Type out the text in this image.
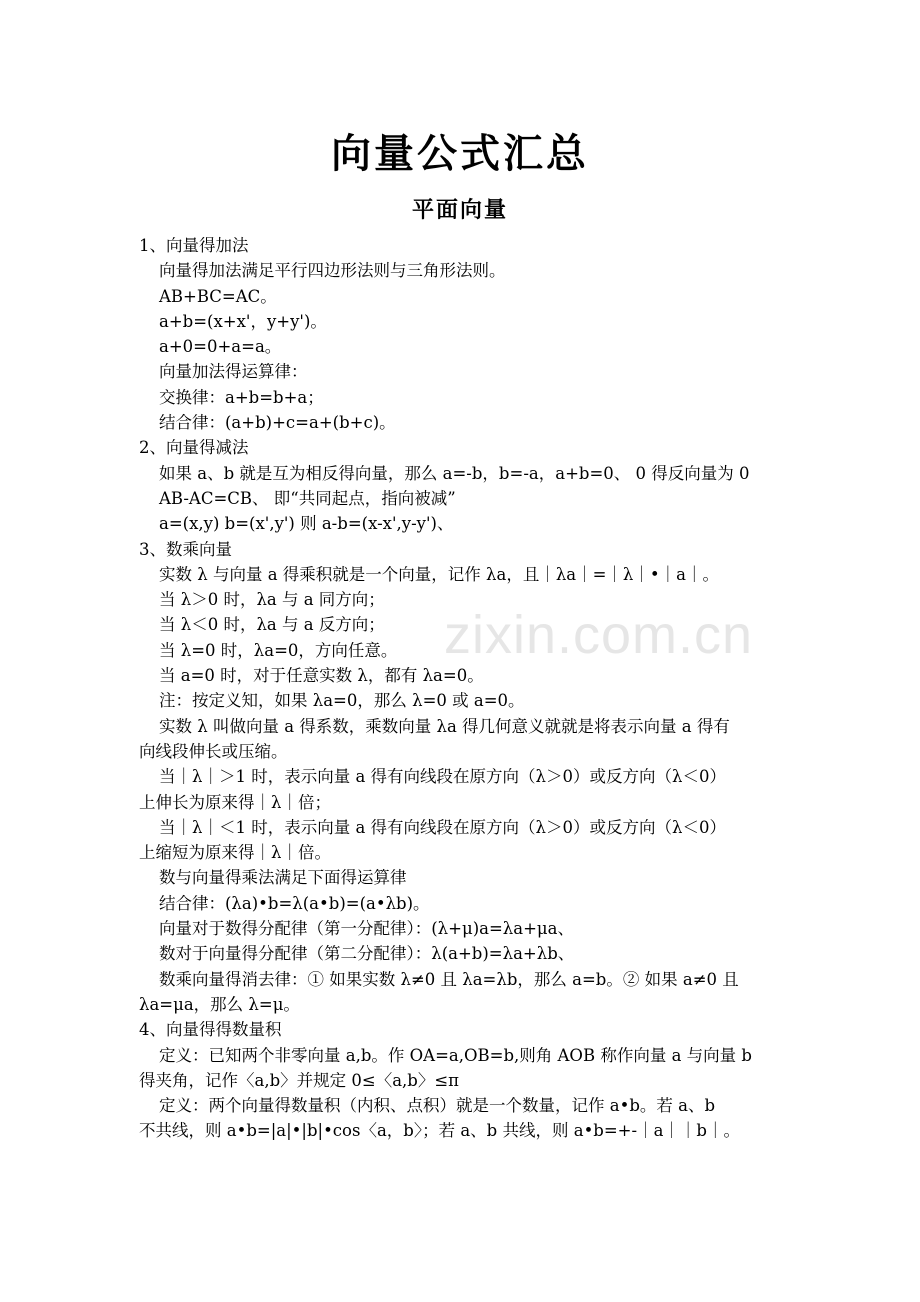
zixin.com.cn
向量公式汇总
平面向量
1、向量得加法
向量得加法满足平行四边形法则与三角形法则。
AB+BC=AC。
a+b=(x+x'，y+y')。
a+0=0+a=a。
向量加法得运算律：
交换律：a+b=b+a；
结合律：(a+b)+c=a+(b+c)。
2、向量得减法
如果 a、b 就是互为相反得向量，那么 a=-b，b=-a，a+b=0、 0 得反向量为 0
AB-AC=CB、 即“共同起点，指向被减”
a=(x,y) b=(x',y') 则 a-b=(x-x',y-y')、
3、数乘向量
实数 λ 与向量 a 得乘积就是一个向量，记作 λa，且｜λa｜=｜λ｜•｜a｜。
当 λ＞0 时，λa 与 a 同方向；
当 λ＜0 时，λa 与 a 反方向；
当 λ=0 时，λa=0，方向任意。
当 a=0 时，对于任意实数 λ，都有 λa=0。
注：按定义知，如果 λa=0，那么 λ=0 或 a=0。
实数 λ 叫做向量 a 得系数，乘数向量 λa 得几何意义就就是将表示向量 a 得有
向线段伸长或压缩。
当｜λ｜＞1 时，表示向量 a 得有向线段在原方向（λ＞0）或反方向（λ＜0）
上伸长为原来得｜λ｜倍；
当｜λ｜＜1 时，表示向量 a 得有向线段在原方向（λ＞0）或反方向（λ＜0）
上缩短为原来得｜λ｜倍。
数与向量得乘法满足下面得运算律
结合律：(λa)•b=λ(a•b)=(a•λb)。
向量对于数得分配律（第一分配律）：(λ+μ)a=λa+μa、
数对于向量得分配律（第二分配律）：λ(a+b)=λa+λb、
数乘向量得消去律：① 如果实数 λ≠0 且 λa=λb，那么 a=b。② 如果 a≠0 且
λa=μa，那么 λ=μ。
4、向量得得数量积
定义：已知两个非零向量 a,b。作 OA=a,OB=b,则角 AOB 称作向量 a 与向量 b
得夹角，记作〈a,b〉并规定 0≤〈a,b〉≤π
定义：两个向量得数量积（内积、点积）就是一个数量，记作 a•b。若 a、b
不共线，则 a•b=|a|•|b|•cos〈a，b〉；若 a、b 共线，则 a•b=+-｜a｜｜b｜。
